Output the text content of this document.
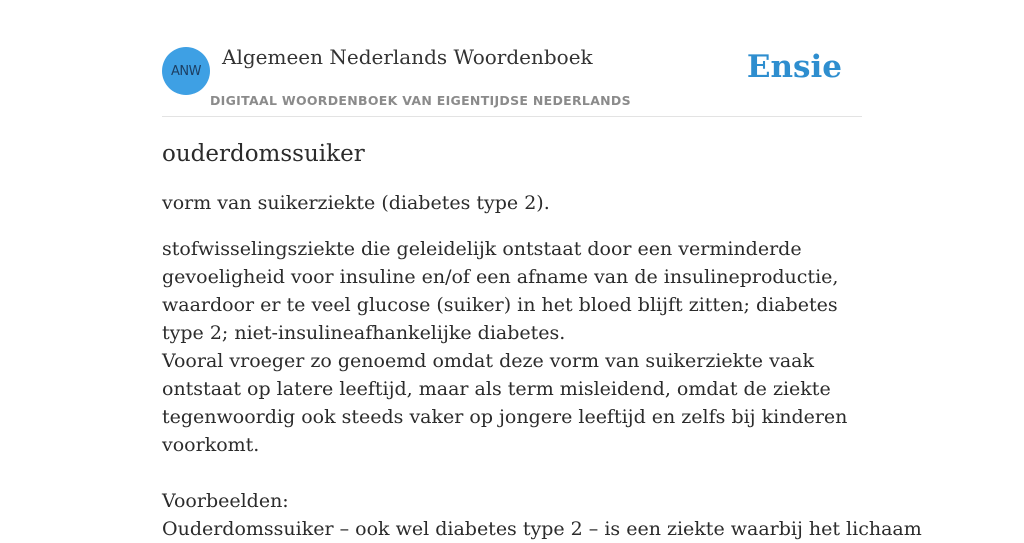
ANW
Algemeen Nederlands Woordenboek
DIGITAAL WOORDENBOEK VAN EIGENTIJDSE NEDERLANDS
Ensie
ouderdomssuiker

vorm van suikerziekte (diabetes type 2).

stofwisselingsziekte die geleidelijk ontstaat door een verminderde gevoeligheid voor insuline en/of een afname van de insulineproductie, waardoor er te veel glucose (suiker) in het bloed blijft zitten; diabetes type 2; niet-insulineafhankelijke diabetes.
Vooral vroeger zo genoemd omdat deze vorm van suikerziekte vaak ontstaat op latere leeftijd, maar als term misleidend, omdat de ziekte tegenwoordig ook steeds vaker op jongere leeftijd en zelfs bij kinderen voorkomt.

Voorbeelden:

Ouderdomssuiker – ook wel diabetes type 2 – is een ziekte waarbij het lichaam
